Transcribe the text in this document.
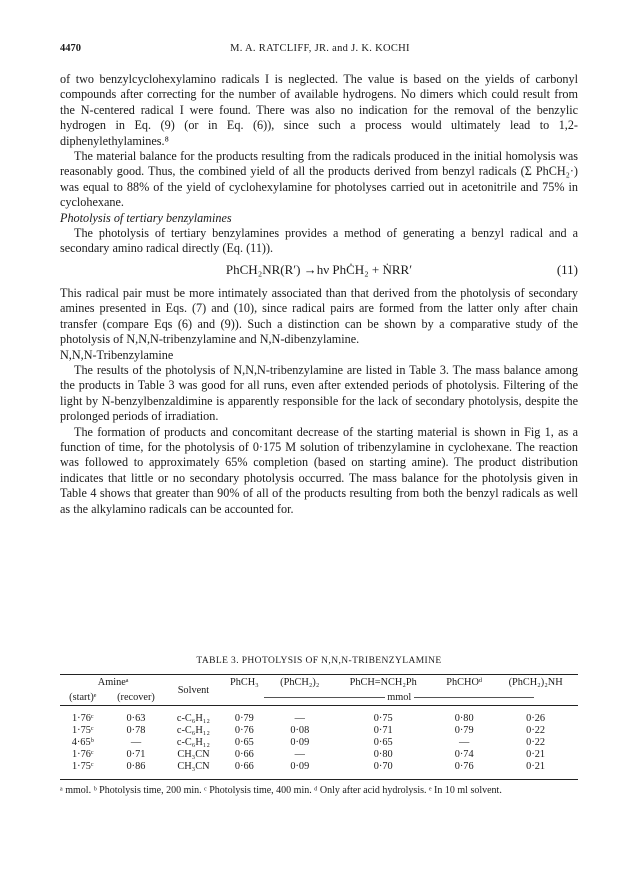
4470	M. A. RATCLIFF, JR. and J. K. KOCHI

of two benzylcyclohexylamino radicals I is neglected. The value is based on the yields of carbonyl compounds after correcting for the number of available hydrogens. No dimers which could result from the N-centered radical I were found. There was also no indication for the removal of the benzylic hydrogen in Eq. (9) (or in Eq. (6)), since such a process would ultimately lead to 1,2-diphenylethylamines.⁸

The material balance for the products resulting from the radicals produced in the initial homolysis was reasonably good. Thus, the combined yield of all the products derived from benzyl radicals (Σ PhCH₂·) was equal to 88% of the yield of cyclohexylamine for photolyses carried out in acetonitrile and 75% in cyclohexane.

Photolysis of tertiary benzylamines

The photolysis of tertiary benzylamines provides a method of generating a benzyl radical and a secondary amino radical directly (Eq. (11)).

PhCH₂NR(R′) →hν PhĊH₂ + ṄRR′	(11)

This radical pair must be more intimately associated than that derived from the photolysis of secondary amines presented in Eqs. (7) and (10), since radical pairs are formed from the latter only after chain transfer (compare Eqs (6) and (9)). Such a distinction can be shown by a comparative study of the photolysis of N,N,N-tribenzylamine and N,N-dibenzylamine.

N,N,N-Tribenzylamine

The results of the photolysis of N,N,N-tribenzylamine are listed in Table 3. The mass balance among the products in Table 3 was good for all runs, even after extended periods of photolysis. Filtering of the light by N-benzylbenzaldimine is apparently responsible for the lack of secondary photolysis, despite the prolonged periods of irradiation.

The formation of products and concomitant decrease of the starting material is shown in Fig 1, as a function of time, for the photolysis of 0·175 M solution of tribenzylamine in cyclohexane. The reaction was followed to approximately 65% completion (based on starting amine). The product distribution indicates that little or no secondary photolysis occurred. The mass balance for the photolysis given in Table 4 shows that greater than 90% of all of the products resulting from both the benzyl radicals as well as the alkylamino radicals can be accounted for.

TABLE 3. PHOTOLYSIS OF N,N,N-TRIBENZYLAMINE
Amineᵃ		Solvent	PhCH₃	(PhCH₂)₂	PhCH=NCH₂Ph	PhCHOᵈ	(PhCH₂)₂NH
(start)ᵉ	(recover)		mmol				
1·76ᶜ	0·63	c-C₆H₁₂	0·79	—	0·75	0·80	0·26
1·75ᶜ	0·78	c-C₆H₁₂	0·76	0·08	0·71	0·79	0·22
4·65ᵇ	—	c-C₆H₁₂	0·65	0·09	0·65	—	0·22
1·76ᶜ	0·71	CH₃CN	0·66	—	0·80	0·74	0·21
1·75ᶜ	0·86	CH₃CN	0·66	0·09	0·70	0·76	0·21
ᵃ mmol. ᵇ Photolysis time, 200 min. ᶜ Photolysis time, 400 min. ᵈ Only after acid hydrolysis. ᵉ In 10 ml solvent.
